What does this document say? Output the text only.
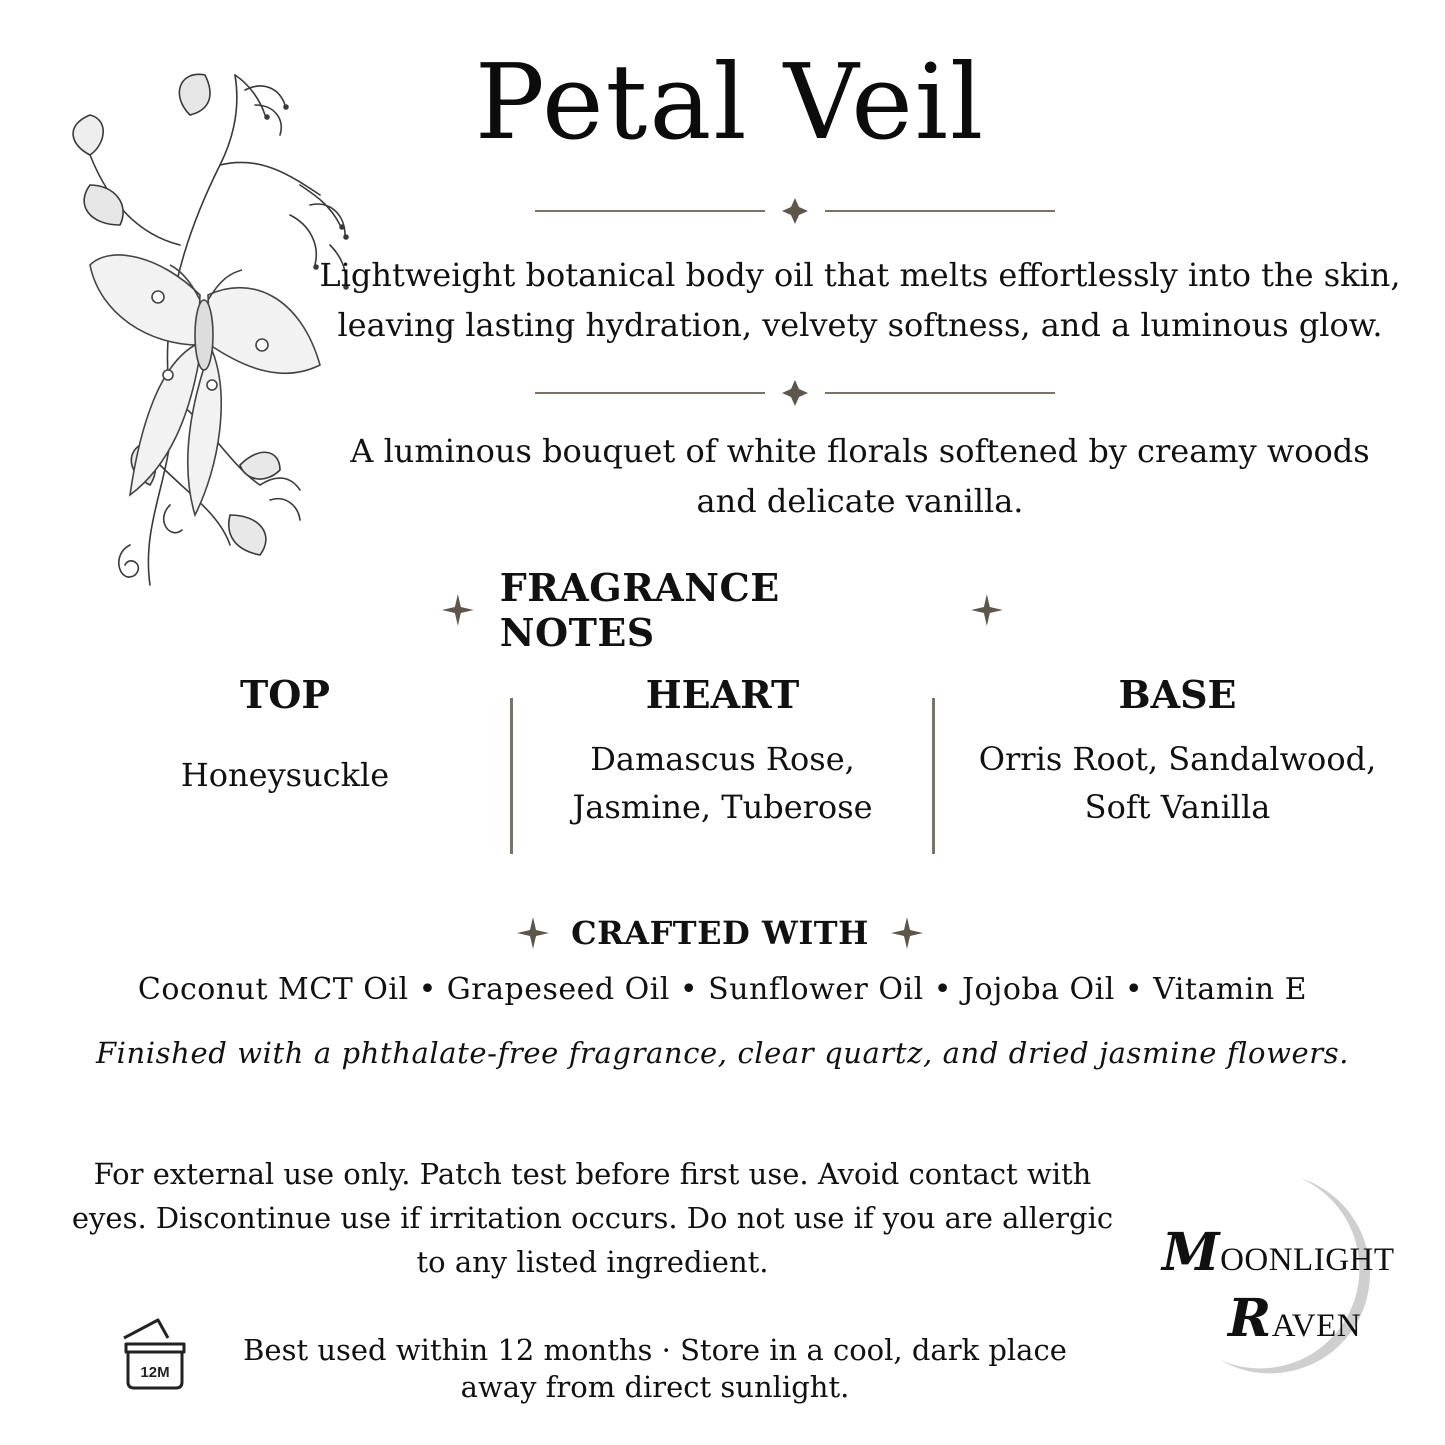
Petal Veil
Lightweight botanical body oil that melts effortlessly into the skin, leaving lasting hydration, velvety softness, and a luminous glow.
A luminous bouquet of white florals softened by creamy woods and delicate vanilla.
FRAGRANCE NOTES
TOP
Honeysuckle
HEART
Damascus Rose, Jasmine, Tuberose
BASE
Orris Root, Sandalwood, Soft Vanilla
CRAFTED WITH
Coconut MCT Oil • Grapeseed Oil • Sunflower Oil • Jojoba Oil • Vitamin E
Finished with a phthalate-free fragrance, clear quartz, and dried jasmine flowers.
For external use only. Patch test before first use. Avoid contact with eyes. Discontinue use if irritation occurs. Do not use if you are allergic to any listed ingredient.
12M
Best used within 12 months · Store in a cool, dark place away from direct sunlight.
MOONLIGHT
RAVEN
